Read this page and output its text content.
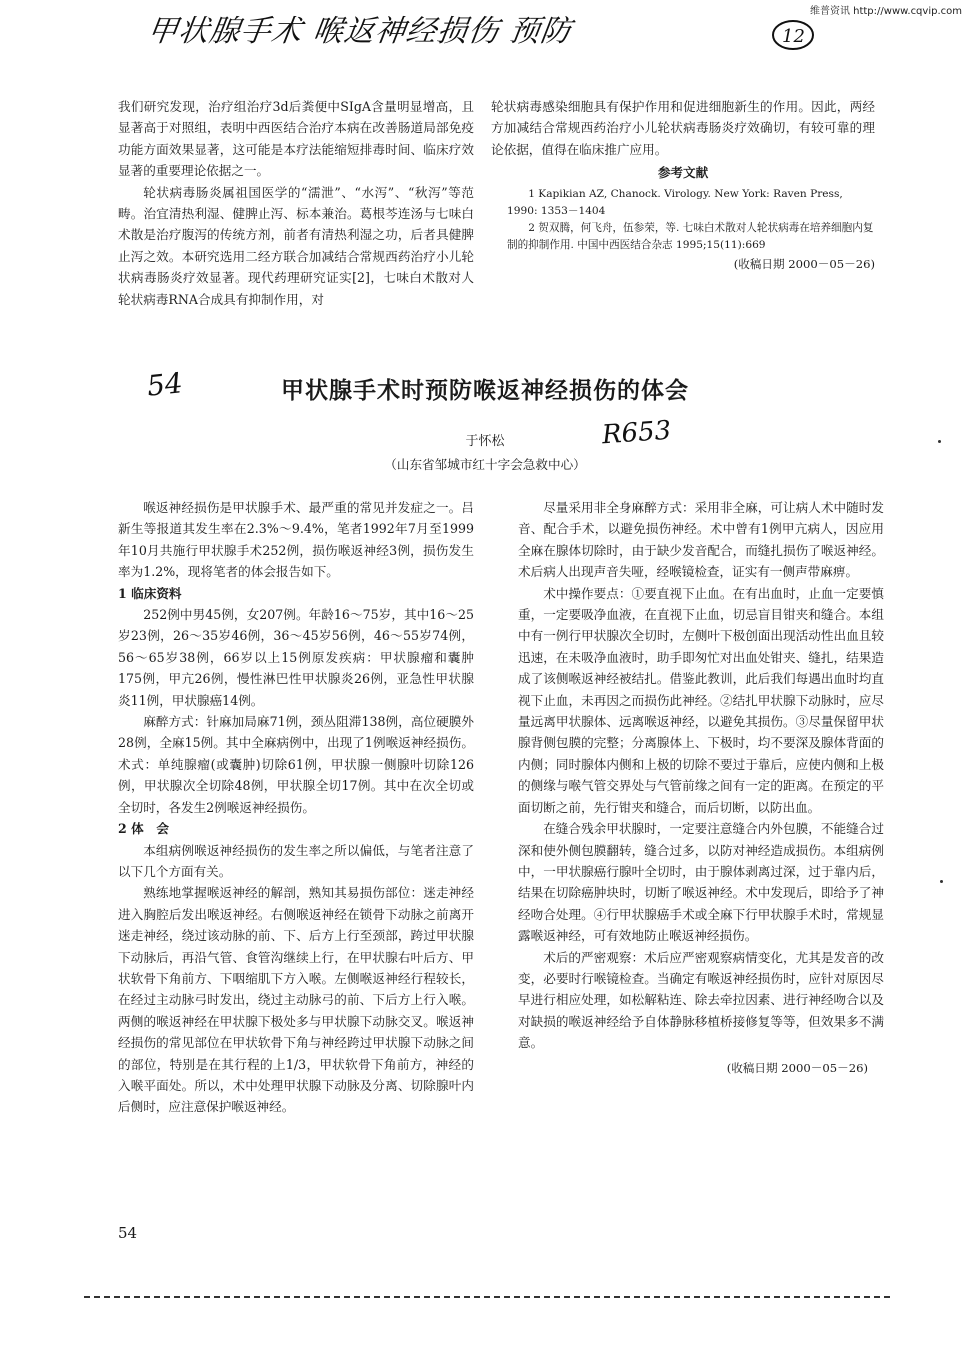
维普资讯 http://www.cqvip.com
甲状腺手术 喉返神经损伤 预防	12

我们研究发现，治疗组治疗3d后粪便中SIgA含量明显增高，且显著高于对照组，表明中西医结合治疗本病在改善肠道局部免疫功能方面效果显著，这可能是本疗法能缩短排毒时间、临床疗效显著的重要理论依据之一。

轮状病毒肠炎属祖国医学的“濡泄”、“水泻”、“秋泻”等范畴。治宜清热利湿、健脾止泻、标本兼治。葛根芩连汤与七味白术散是治疗腹泻的传统方剂，前者有清热利湿之功，后者具健脾止泻之效。本研究选用二经方联合加减结合常规西药治疗小儿轮状病毒肠炎疗效显著。现代药理研究证实[2]，七味白术散对人轮状病毒RNA合成具有抑制作用，对

轮状病毒感染细胞具有保护作用和促进细胞新生的作用。因此，两经方加减结合常规西药治疗小儿轮状病毒肠炎疗效确切，有较可靠的理论依据，值得在临床推广应用。

参考文献

1 Kapikian AZ, Chanock. Virology. New York: Raven Press, 1990: 1353－1404

2 贺双腾，何飞舟，伍参荣，等. 七味白术散对人轮状病毒在培养细胞内复制的抑制作用. 中国中西医结合杂志 1995;15(11):669

(收稿日期 2000－05－26)

54	甲状腺手术时预防喉返神经损伤的体会
于怀松	R653
（山东省邹城市红十字会急救中心）

喉返神经损伤是甲状腺手术、最严重的常见并发症之一。吕新生等报道其发生率在2.3%～9.4%，笔者1992年7月至1999年10月共施行甲状腺手术252例，损伤喉返神经3例，损伤发生率为1.2%，现将笔者的体会报告如下。

1 临床资料

252例中男45例，女207例。年龄16～75岁，其中16～25岁23例，26～35岁46例，36～45岁56例，46～55岁74例，56～65岁38例，66岁以上15例原发疾病：甲状腺瘤和囊肿175例，甲亢26例，慢性淋巴性甲状腺炎26例，亚急性甲状腺炎11例，甲状腺癌14例。

麻醉方式：针麻加局麻71例，颈丛阻滞138例，高位硬膜外28例，全麻15例。其中全麻病例中，出现了1例喉返神经损伤。术式：单纯腺瘤(或囊肿)切除61例，甲状腺一侧腺叶切除126例，甲状腺次全切除48例，甲状腺全切17例。其中在次全切或全切时，各发生2例喉返神经损伤。

2 体　会

本组病例喉返神经损伤的发生率之所以偏低，与笔者注意了以下几个方面有关。

熟练地掌握喉返神经的解剖，熟知其易损伤部位：迷走神经进入胸腔后发出喉返神经。右侧喉返神经在锁骨下动脉之前离开迷走神经，绕过该动脉的前、下、后方上行至颈部，跨过甲状腺下动脉后，再沿气管、食管沟继续上行，在甲状腺右叶后方、甲状软骨下角前方、下咽缩肌下方入喉。左侧喉返神经行程较长，在经过主动脉弓时发出，绕过主动脉弓的前、下后方上行入喉。两侧的喉返神经在甲状腺下极处多与甲状腺下动脉交叉。喉返神经损伤的常见部位在甲状软骨下角与神经跨过甲状腺下动脉之间的部位，特别是在其行程的上1/3，甲状软骨下角前方，神经的入喉平面处。所以，术中处理甲状腺下动脉及分离、切除腺叶内后侧时，应注意保护喉返神经。

尽量采用非全身麻醉方式：采用非全麻，可让病人术中随时发音、配合手术，以避免损伤神经。术中曾有1例甲亢病人，因应用全麻在腺体切除时，由于缺少发音配合，而缝扎损伤了喉返神经。术后病人出现声音失哑，经喉镜检查，证实有一侧声带麻痹。

术中操作要点：①要直视下止血。在有出血时，止血一定要慎重，一定要吸净血液，在直视下止血，切忌盲目钳夹和缝合。本组中有一例行甲状腺次全切时，左侧叶下极创面出现活动性出血且较迅速，在未吸净血液时，助手即匆忙对出血处钳夹、缝扎，结果造成了该侧喉返神经被结扎。借鉴此教训，此后我们每遇出血时均直视下止血，未再因之而损伤此神经。②结扎甲状腺下动脉时，应尽量远离甲状腺体、远离喉返神经，以避免其损伤。③尽量保留甲状腺背侧包膜的完整；分离腺体上、下极时，均不要深及腺体背面的内侧；同时腺体内侧和上极的切除不要过于靠后，应使内侧和上极的侧缘与喉气管交界处与气管前缘之间有一定的距离。在预定的平面切断之前，先行钳夹和缝合，而后切断，以防出血。

在缝合残余甲状腺时，一定要注意缝合内外包膜，不能缝合过深和使外侧包膜翻转，缝合过多，以防对神经造成损伤。本组病例中，一甲状腺癌行腺叶全切时，由于腺体剥离过深，过于靠内后，结果在切除癌肿块时，切断了喉返神经。术中发现后，即给予了神经吻合处理。④行甲状腺癌手术或全麻下行甲状腺手术时，常规显露喉返神经，可有效地防止喉返神经损伤。

术后的严密观察：术后应严密观察病情变化，尤其是发音的改变，必要时行喉镜检查。当确定有喉返神经损伤时，应针对原因尽早进行相应处理，如松解粘连、除去牵拉因素、进行神经吻合以及对缺损的喉返神经给予自体静脉移植桥接修复等等，但效果多不满意。

(收稿日期 2000－05－26)
54
